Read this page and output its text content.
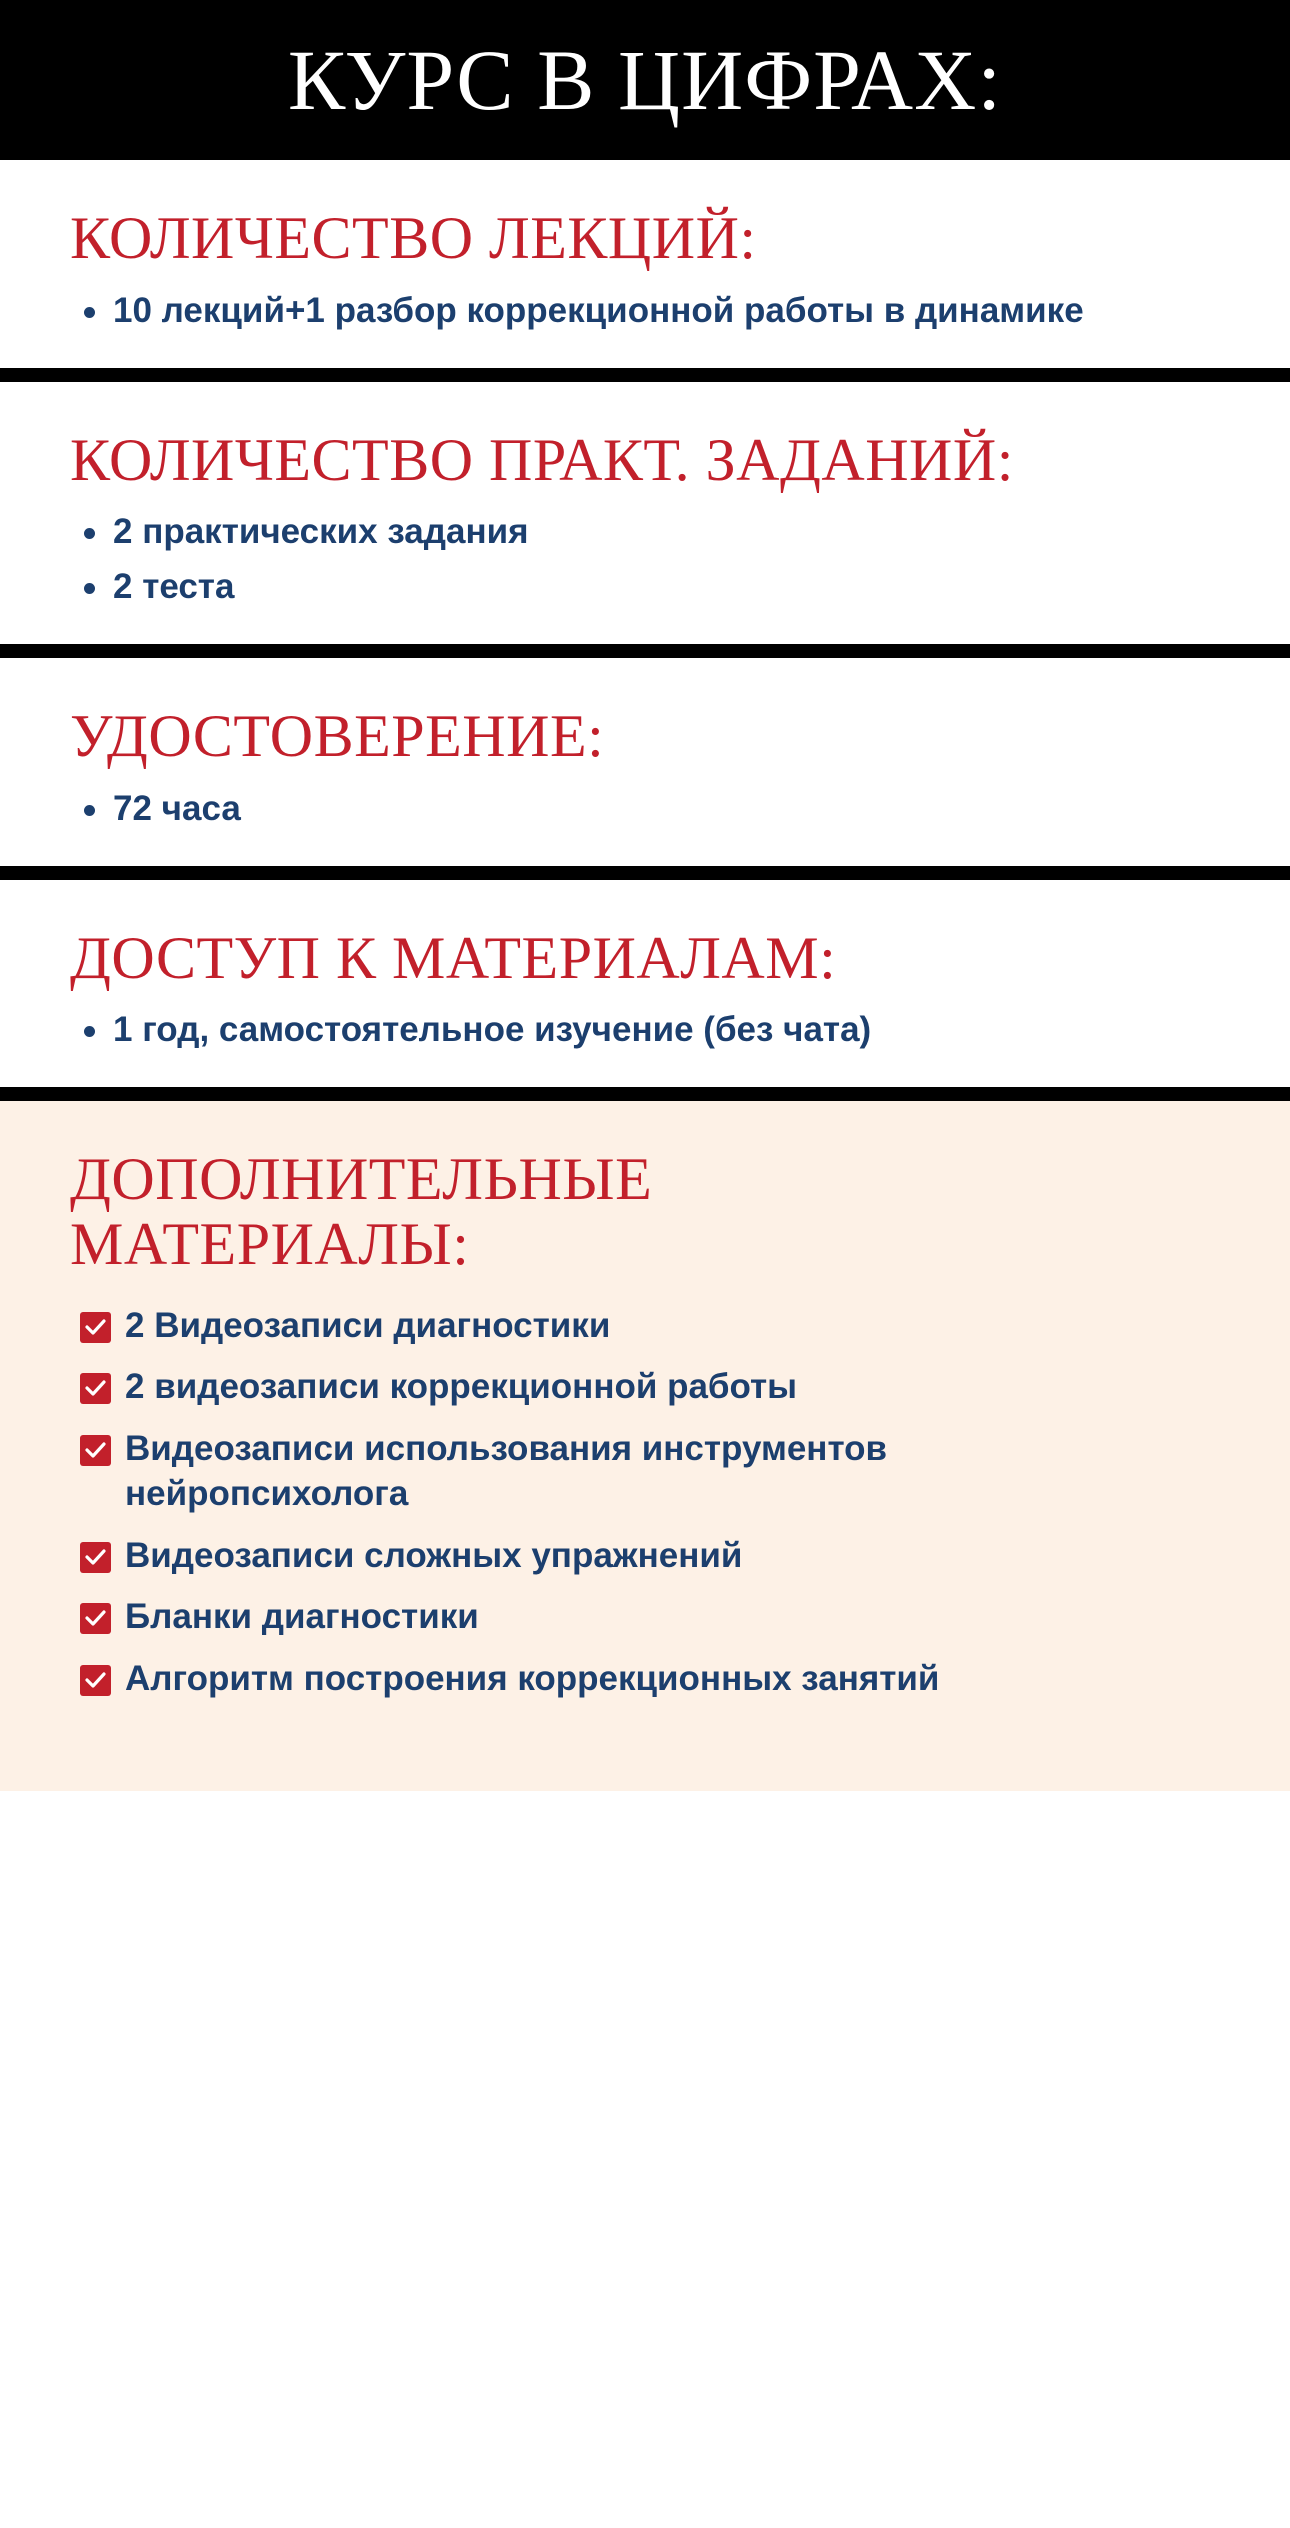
КУРС В ЦИФРАХ:
КОЛИЧЕСТВО ЛЕКЦИЙ:
10 лекций+1 разбор коррекционной работы в динамике
КОЛИЧЕСТВО ПРАКТ. ЗАДАНИЙ:
2 практических задания
2 теста
УДОСТОВЕРЕНИЕ:
72 часа
ДОСТУП К МАТЕРИАЛАМ:
1 год, самостоятельное изучение (без чата)
ДОПОЛНИТЕЛЬНЫЕ
МАТЕРИАЛЫ:
2 Видеозаписи диагностики
2 видеозаписи коррекционной работы
Видеозаписи использования инструментов нейропсихолога
Видеозаписи сложных упражнений
Бланки диагностики
Алгоритм построения коррекционных занятий
